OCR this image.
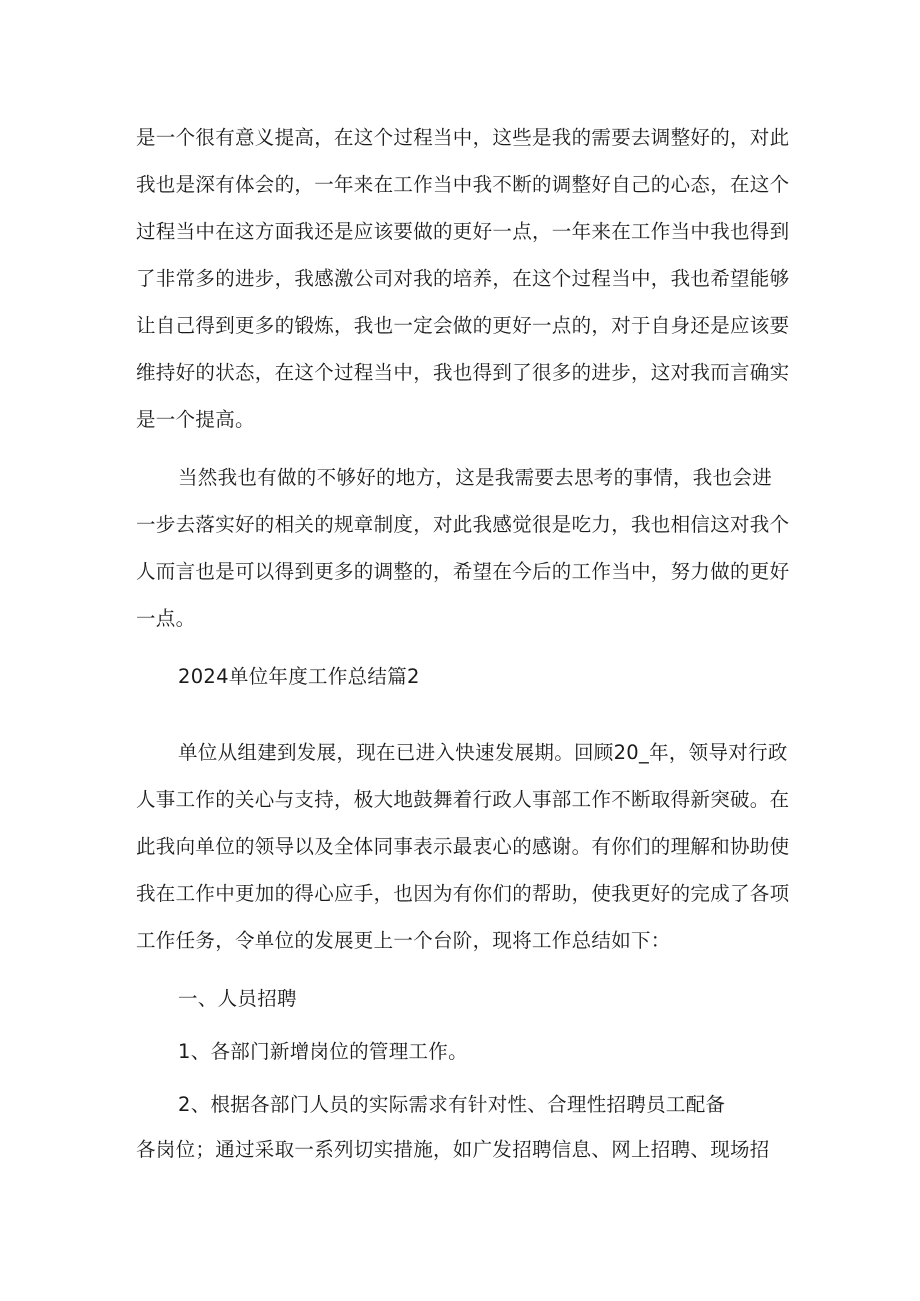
是一个很有意义提高，在这个过程当中，这些是我的需要去调整好的，对此
我也是深有体会的，一年来在工作当中我不断的调整好自己的心态，在这个
过程当中在这方面我还是应该要做的更好一点，一年来在工作当中我也得到
了非常多的进步，我感激公司对我的培养，在这个过程当中，我也希望能够
让自己得到更多的锻炼，我也一定会做的更好一点的，对于自身还是应该要
维持好的状态，在这个过程当中，我也得到了很多的进步，这对我而言确实
是一个提高。
当然我也有做的不够好的地方，这是我需要去思考的事情，我也会进
一步去落实好的相关的规章制度，对此我感觉很是吃力，我也相信这对我个
人而言也是可以得到更多的调整的，希望在今后的工作当中，努力做的更好
一点。
2024单位年度工作总结篇2
单位从组建到发展，现在已进入快速发展期。回顾20_年，领导对行政
人事工作的关心与支持，极大地鼓舞着行政人事部工作不断取得新突破。在
此我向单位的领导以及全体同事表示最衷心的感谢。有你们的理解和协助使
我在工作中更加的得心应手，也因为有你们的帮助，使我更好的完成了各项
工作任务，令单位的发展更上一个台阶，现将工作总结如下：
一、人员招聘
1、各部门新增岗位的管理工作。
2、根据各部门人员的实际需求有针对性、合理性招聘员工配备
各岗位；通过采取一系列切实措施，如广发招聘信息、网上招聘、现场招
